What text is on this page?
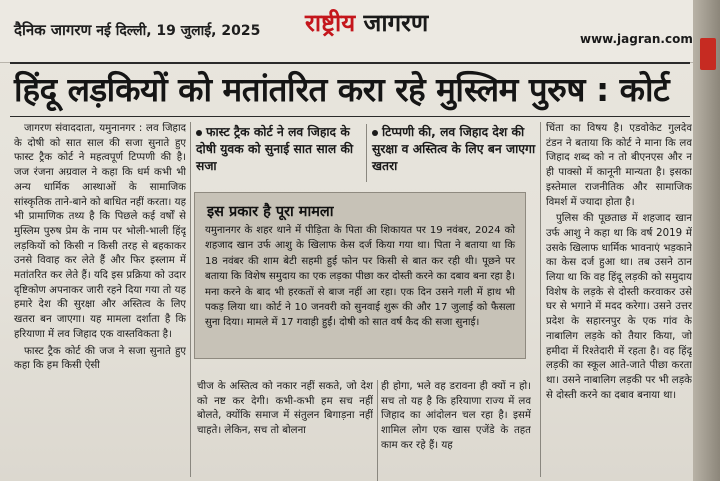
दैनिक जागरण नई दिल्ली, 19 जुलाई, 2025 राष्ट्रीय जागरण
www.jagran.com
हिंदू लड़कियों को मतांतरित करा रहे मुस्लिम पुरुष : कोर्ट

जागरण संवाददाता, यमुनानगर : लव जिहाद के दोषी को सात साल की सजा सुनाते हुए फास्ट ट्रैक कोर्ट ने महत्वपूर्ण टिप्पणी की है। जज रंजना अग्रवाल ने कहा कि धर्म कभी भी अन्य धार्मिक आस्थाओं के सामाजिक सांस्कृतिक ताने-बाने को बाधित नहीं करता। यह भी प्रामाणिक तथ्य है कि पिछले कई वर्षों से मुस्लिम पुरुष प्रेम के नाम पर भोली-भाली हिंदू लड़कियों को किसी न किसी तरह से बहकाकर उनसे विवाह कर लेते हैं और फिर इस्लाम में मतांतरित कर लेते हैं। यदि इस प्रक्रिया को उदार दृष्टिकोण अपनाकर जारी रहने दिया गया तो यह हमारे देश की सुरक्षा और अस्तित्व के लिए खतरा बन जाएगा। यह मामला दर्शाता है कि हरियाणा में लव जिहाद एक वास्तविकता है।

फास्ट ट्रैक कोर्ट की जज ने सजा सुनाते हुए कहा कि हम किसी ऐसी

फास्ट ट्रैक कोर्ट ने लव जिहाद के दोषी युवक को सुनाई सात साल की सजा
टिप्पणी की, लव जिहाद देश की सुरक्षा व अस्तित्व के लिए बन जाएगा खतरा
इस प्रकार है पूरा मामला
यमुनानगर के शहर थाने में पीड़िता के पिता की शिकायत पर 19 नवंबर, 2024 को शहजाद खान उर्फ आशु के खिलाफ केस दर्ज किया गया था। पिता ने बताया था कि 18 नवंबर की शाम बेटी सहमी हुई फोन पर किसी से बात कर रही थी। पूछने पर बताया कि विशेष समुदाय का एक लड़का पीछा कर दोस्ती करने का दबाव बना रहा है। मना करने के बाद भी हरकतों से बाज नहीं आ रहा। एक दिन उसने गली में हाथ भी पकड़ लिया था। कोर्ट ने 10 जनवरी को सुनवाई शुरू की और 17 जुलाई को फैसला सुना दिया। मामले में 17 गवाही हुईं। दोषी को सात वर्ष कैद की सजा सुनाई।
चीज के अस्तित्व को नकार नहीं सकते, जो देश को नष्ट कर देगी। कभी-कभी हम सच नहीं बोलते, क्योंकि समाज में संतुलन बिगाड़ना नहीं चाहते। लेकिन, सच तो बोलना
ही होगा, भले वह डरावना ही क्यों न हो। सच तो यह है कि हरियाणा राज्य में लव जिहाद का आंदोलन चल रहा है। इसमें शामिल लोग एक खास एजेंडे के तहत काम कर रहे हैं। यह

चिंता का विषय है। एडवोकेट गुलदेव टंडन ने बताया कि कोर्ट ने माना कि लव जिहाद शब्द को न तो बीएनएस और न ही पाक्सो में कानूनी मान्यता है। इसका इस्तेमाल राजनीतिक और सामाजिक विमर्श में ज्यादा होता है।

पुलिस की पूछताछ में शहजाद खान उर्फ आशु ने कहा था कि वर्ष 2019 में उसके खिलाफ धार्मिक भावनाएं भड़काने का केस दर्ज हुआ था। तब उसने ठान लिया था कि वह हिंदू लड़की को समुदाय विशेष के लड़के से दोस्ती करवाकर उसे घर से भगाने में मदद करेगा। उसने उत्तर प्रदेश के सहारनपुर के एक गांव के नाबालिग लड़के को तैयार किया, जो हमीदा में रिश्तेदारी में रहता है। वह हिंदू लड़की का स्कूल आते-जाते पीछा करता था। उसने नाबालिग लड़की पर भी लड़के से दोस्ती करने का दबाव बनाया था।
